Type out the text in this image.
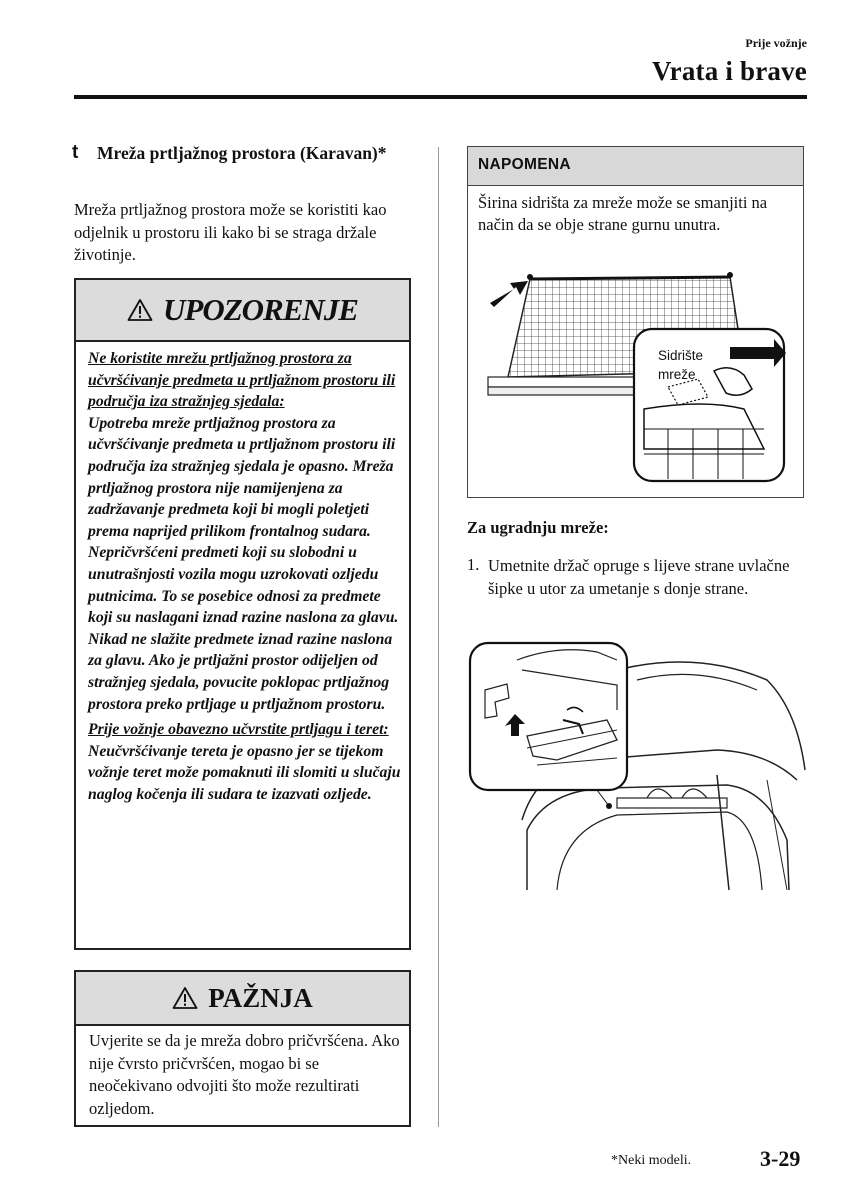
Prije vožnje
Vrata i brave
t Mreža prtljažnog prostora (Karavan)*
Mreža prtljažnog prostora može se koristiti kao odjelnik u prostoru ili kako bi se straga držale životinje.
UPOZORENJE
Ne koristite mrežu prtljažnog prostora za učvršćivanje predmeta u prtljažnom prostoru ili područja iza stražnjeg sjedala:
Upotreba mreže prtljažnog prostora za učvršćivanje predmeta u prtljažnom prostoru ili područja iza stražnjeg sjedala je opasno. Mreža prtljažnog prostora nije namijenjena za zadržavanje predmeta koji bi mogli poletjeti prema naprijed prilikom frontalnog sudara. Nepričvršćeni predmeti koji su slobodni u unutrašnjosti vozila mogu uzrokovati ozljedu putnicima. To se posebice odnosi za predmete koji su naslagani iznad razine naslona za glavu. Nikad ne slažite predmete iznad razine naslona za glavu. Ako je prtljažni prostor odijeljen od stražnjeg sjedala, povucite poklopac prtljažnog prostora preko prtljage u prtljažnom prostoru.
Prije vožnje obavezno učvrstite prtljagu i teret:
Neučvršćivanje tereta je opasno jer se tijekom vožnje teret može pomaknuti ili slomiti u slučaju naglog kočenja ili sudara te izazvati ozljede.
PAŽNJA
Uvjerite se da je mreža dobro pričvršćena. Ako nije čvrsto pričvršćen, mogao bi se neočekivano odvojiti što može rezultirati ozljedom.
NAPOMENA
Širina sidrišta za mreže može se smanjiti na način da se obje strane gurnu unutra.
Sidrište
mreže
Za ugradnju mreže:
1. Umetnite držač opruge s lijeve strane uvlačne šipke u utor za umetanje s donje strane.
*Neki modeli.	3-29
